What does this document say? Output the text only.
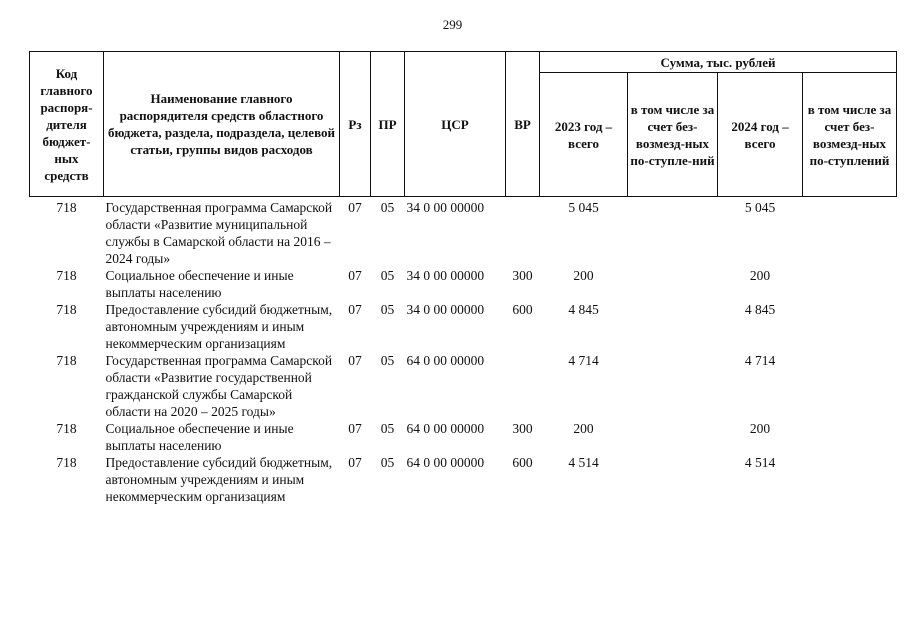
299
Код главного распоря-дителя бюджет-ных средств	Наименование главного распорядителя средств областного бюджета, раздела, подраздела, целевой статьи, группы видов расходов	Рз	ПР	ЦСР	ВР	Сумма, тыс. рублей			
						2023 год – всего	в том числе за счет без-возмезд-ных по-ступле-ний	2024 год – всего	в том числе за счет без-возмезд-ных по-ступлений
718	Государственная программа Самарской области «Развитие муниципальной службы в Самарской области на 2016 – 2024 годы»	07	05	34 0 00 00000		5 045		5 045	
718	Социальное обеспечение и иные выплаты населению	07	05	34 0 00 00000	300	200		200	
718	Предоставление субсидий бюджетным, автономным учреждениям и иным некоммерческим организациям	07	05	34 0 00 00000	600	4 845		4 845	
718	Государственная программа Самарской области «Развитие государственной гражданской службы Самарской области на 2020 – 2025 годы»	07	05	64 0 00 00000		4 714		4 714	
718	Социальное обеспечение и иные выплаты населению	07	05	64 0 00 00000	300	200		200	
718	Предоставление субсидий бюджетным, автономным учреждениям и иным некоммерческим организациям	07	05	64 0 00 00000	600	4 514		4 514	
